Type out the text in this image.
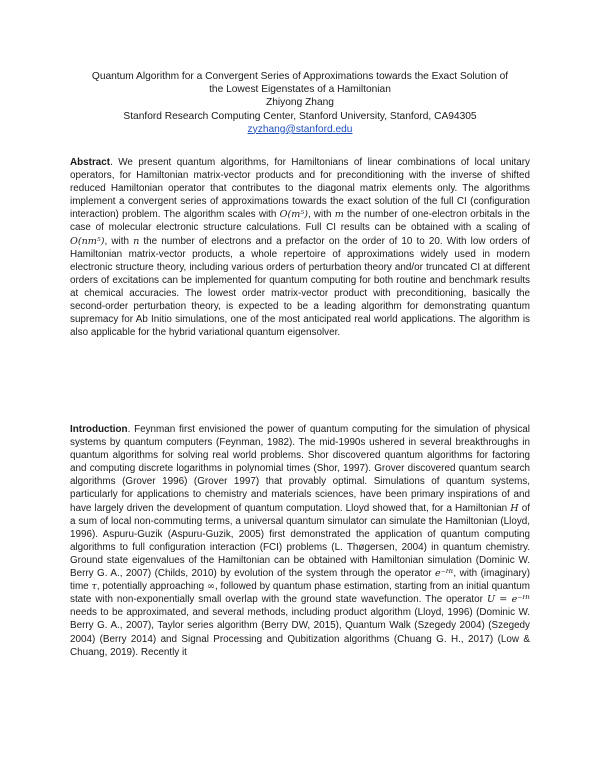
Quantum Algorithm for a Convergent Series of Approximations towards the Exact Solution of
the Lowest Eigenstates of a Hamiltonian
Zhiyong Zhang
Stanford Research Computing Center, Stanford University, Stanford, CA94305
zyzhang@stanford.edu

Abstract. We present quantum algorithms, for Hamiltonians of linear combinations of local unitary operators, for Hamiltonian matrix-vector products and for preconditioning with the inverse of shifted reduced Hamiltonian operator that contributes to the diagonal matrix elements only. The algorithms implement a convergent series of approximations towards the exact solution of the full CI (configuration interaction) problem. The algorithm scales with O(m⁵), with m the number of one-electron orbitals in the case of molecular electronic structure calculations. Full CI results can be obtained with a scaling of O(nm⁵), with n the number of electrons and a prefactor on the order of 10 to 20. With low orders of Hamiltonian matrix-vector products, a whole repertoire of approximations widely used in modern electronic structure theory, including various orders of perturbation theory and/or truncated CI at different orders of excitations can be implemented for quantum computing for both routine and benchmark results at chemical accuracies. The lowest order matrix-vector product with preconditioning, basically the second-order perturbation theory, is expected to be a leading algorithm for demonstrating quantum supremacy for Ab Initio simulations, one of the most anticipated real world applications. The algorithm is also applicable for the hybrid variational quantum eigensolver.

Introduction. Feynman first envisioned the power of quantum computing for the simulation of physical systems by quantum computers (Feynman, 1982). The mid-1990s ushered in several breakthroughs in quantum algorithms for solving real world problems. Shor discovered quantum algorithms for factoring and computing discrete logarithms in polynomial times (Shor, 1997). Grover discovered quantum search algorithms (Grover 1996) (Grover 1997) that provably optimal. Simulations of quantum systems, particularly for applications to chemistry and materials sciences, have been primary inspirations of and have largely driven the development of quantum computation. Lloyd showed that, for a Hamiltonian H of a sum of local non-commuting terms, a universal quantum simulator can simulate the Hamiltonian (Lloyd, 1996). Aspuru-Guzik (Aspuru-Guzik, 2005) first demonstrated the application of quantum computing algorithms to full configuration interaction (FCI) problems (L. Thøgersen, 2004) in quantum chemistry. Ground state eigenvalues of the Hamiltonian can be obtained with Hamiltonian simulation (Dominic W. Berry G. A., 2007) (Childs, 2010) by evolution of the system through the operator e⁻ᴴᵗ, with (imaginary) time τ, potentially approaching ∞, followed by quantum phase estimation, starting from an initial quantum state with non-exponentially small overlap with the ground state wavefunction. The operator U = e⁻ᴴᵗ needs to be approximated, and several methods, including product algorithm (Lloyd, 1996) (Dominic W. Berry G. A., 2007), Taylor series algorithm (Berry DW, 2015), Quantum Walk (Szegedy 2004) (Szegedy 2004) (Berry 2014) and Signal Processing and Qubitization algorithms (Chuang G. H., 2017) (Low & Chuang, 2019). Recently it
